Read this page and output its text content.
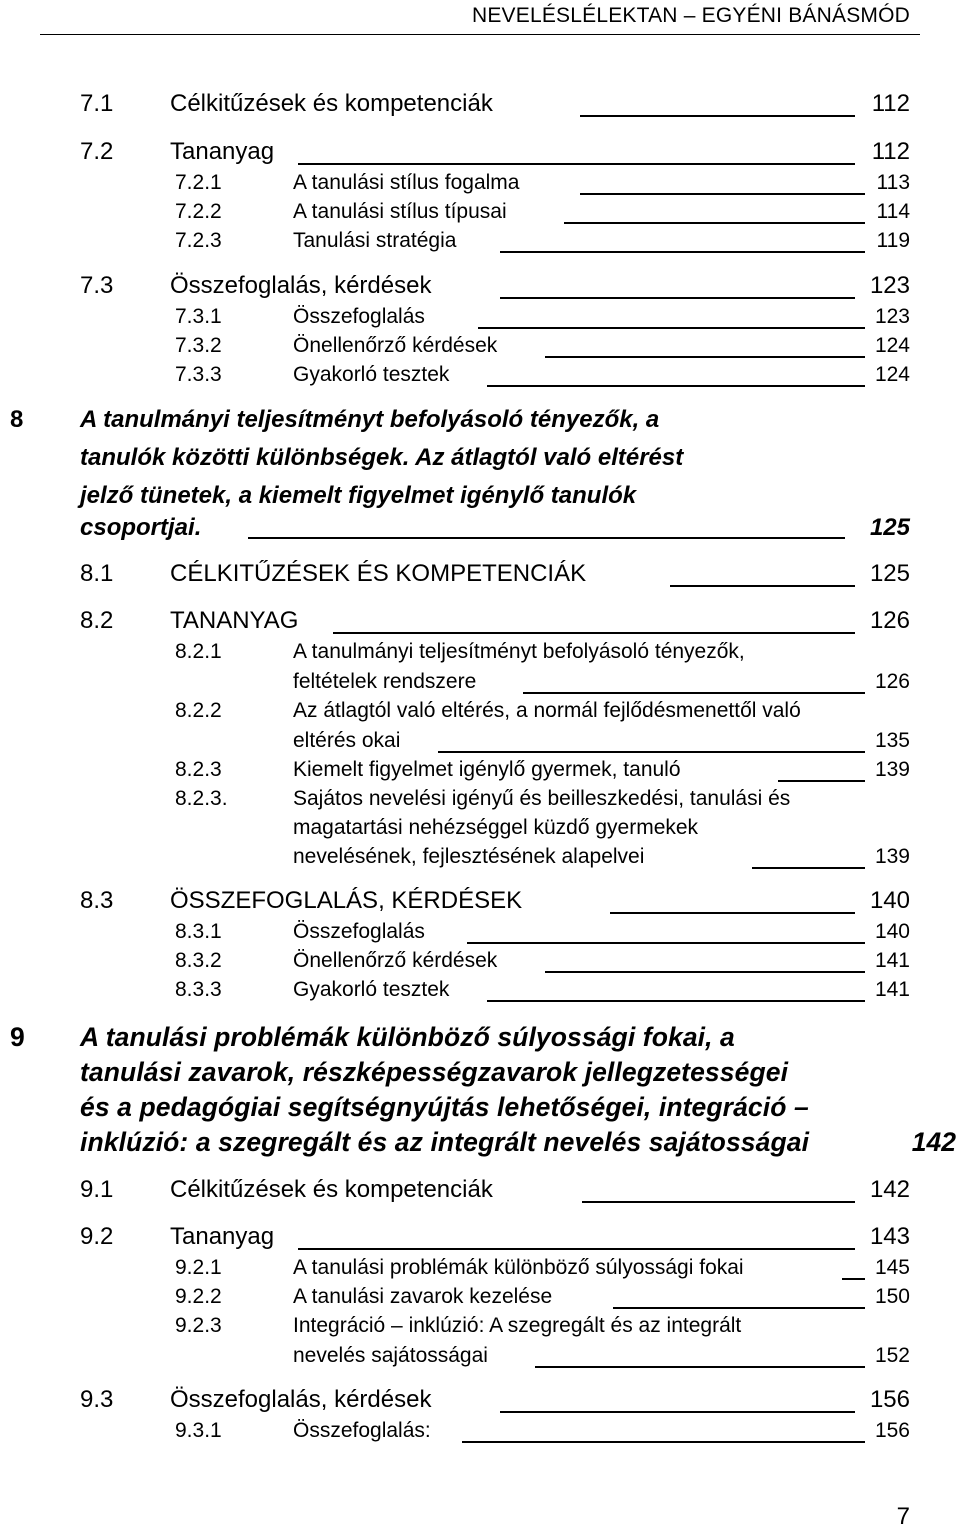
NEVELÉSLÉLEKTAN – EGYÉNI BÁNÁSMÓD
7.1 Célkitűzések és kompetenciák	112
7.2 Tananyag	112
7.2.1	A tanulási stílus fogalma	113
7.2.2	A tanulási stílus típusai	114
7.2.3	Tanulási stratégia	119
7.3 Összefoglalás, kérdések	123
7.3.1	Összefoglalás	123
7.3.2	Önellenőrző kérdések	124
7.3.3	Gyakorló tesztek	124
8 A tanulmányi teljesítményt befolyásoló tényezők, a
tanulók közötti különbségek. Az átlagtól való eltérést
jelző tünetek, a kiemelt figyelmet igénylő tanulók
csoportjai.	125
8.1 CÉLKITŰZÉSEK ÉS KOMPETENCIÁK	125
8.2 TANANYAG	126
8.2.1	A tanulmányi teljesítményt befolyásoló tényezők,
feltételek rendszere	126
8.2.2	Az átlagtól való eltérés, a normál fejlődésmenettől való
eltérés okai	135
8.2.3	Kiemelt figyelmet igénylő gyermek, tanuló	139
8.2.3.	Sajátos nevelési igényű és beilleszkedési, tanulási és
magatartási nehézséggel küzdő gyermekek
nevelésének, fejlesztésének alapelvei	139
8.3 ÖSSZEFOGLALÁS, KÉRDÉSEK	140
8.3.1	Összefoglalás	140
8.3.2	Önellenőrző kérdések	141
8.3.3	Gyakorló tesztek	141
9 A tanulási problémák különböző súlyossági fokai, a
tanulási zavarok, részképességzavarok jellegzetességei
és a pedagógiai segítségnyújtás lehetőségei, integráció –
inklúzió: a szegregált és az integrált nevelés sajátosságai	142
9.1 Célkitűzések és kompetenciák	142
9.2 Tananyag	143
9.2.1	A tanulási problémák különböző súlyossági fokai	145
9.2.2	A tanulási zavarok kezelése	150
9.2.3	Integráció – inklúzió: A szegregált és az integrált
nevelés sajátosságai	152
9.3 Összefoglalás, kérdések	156
9.3.1	Összefoglalás:	156
7
